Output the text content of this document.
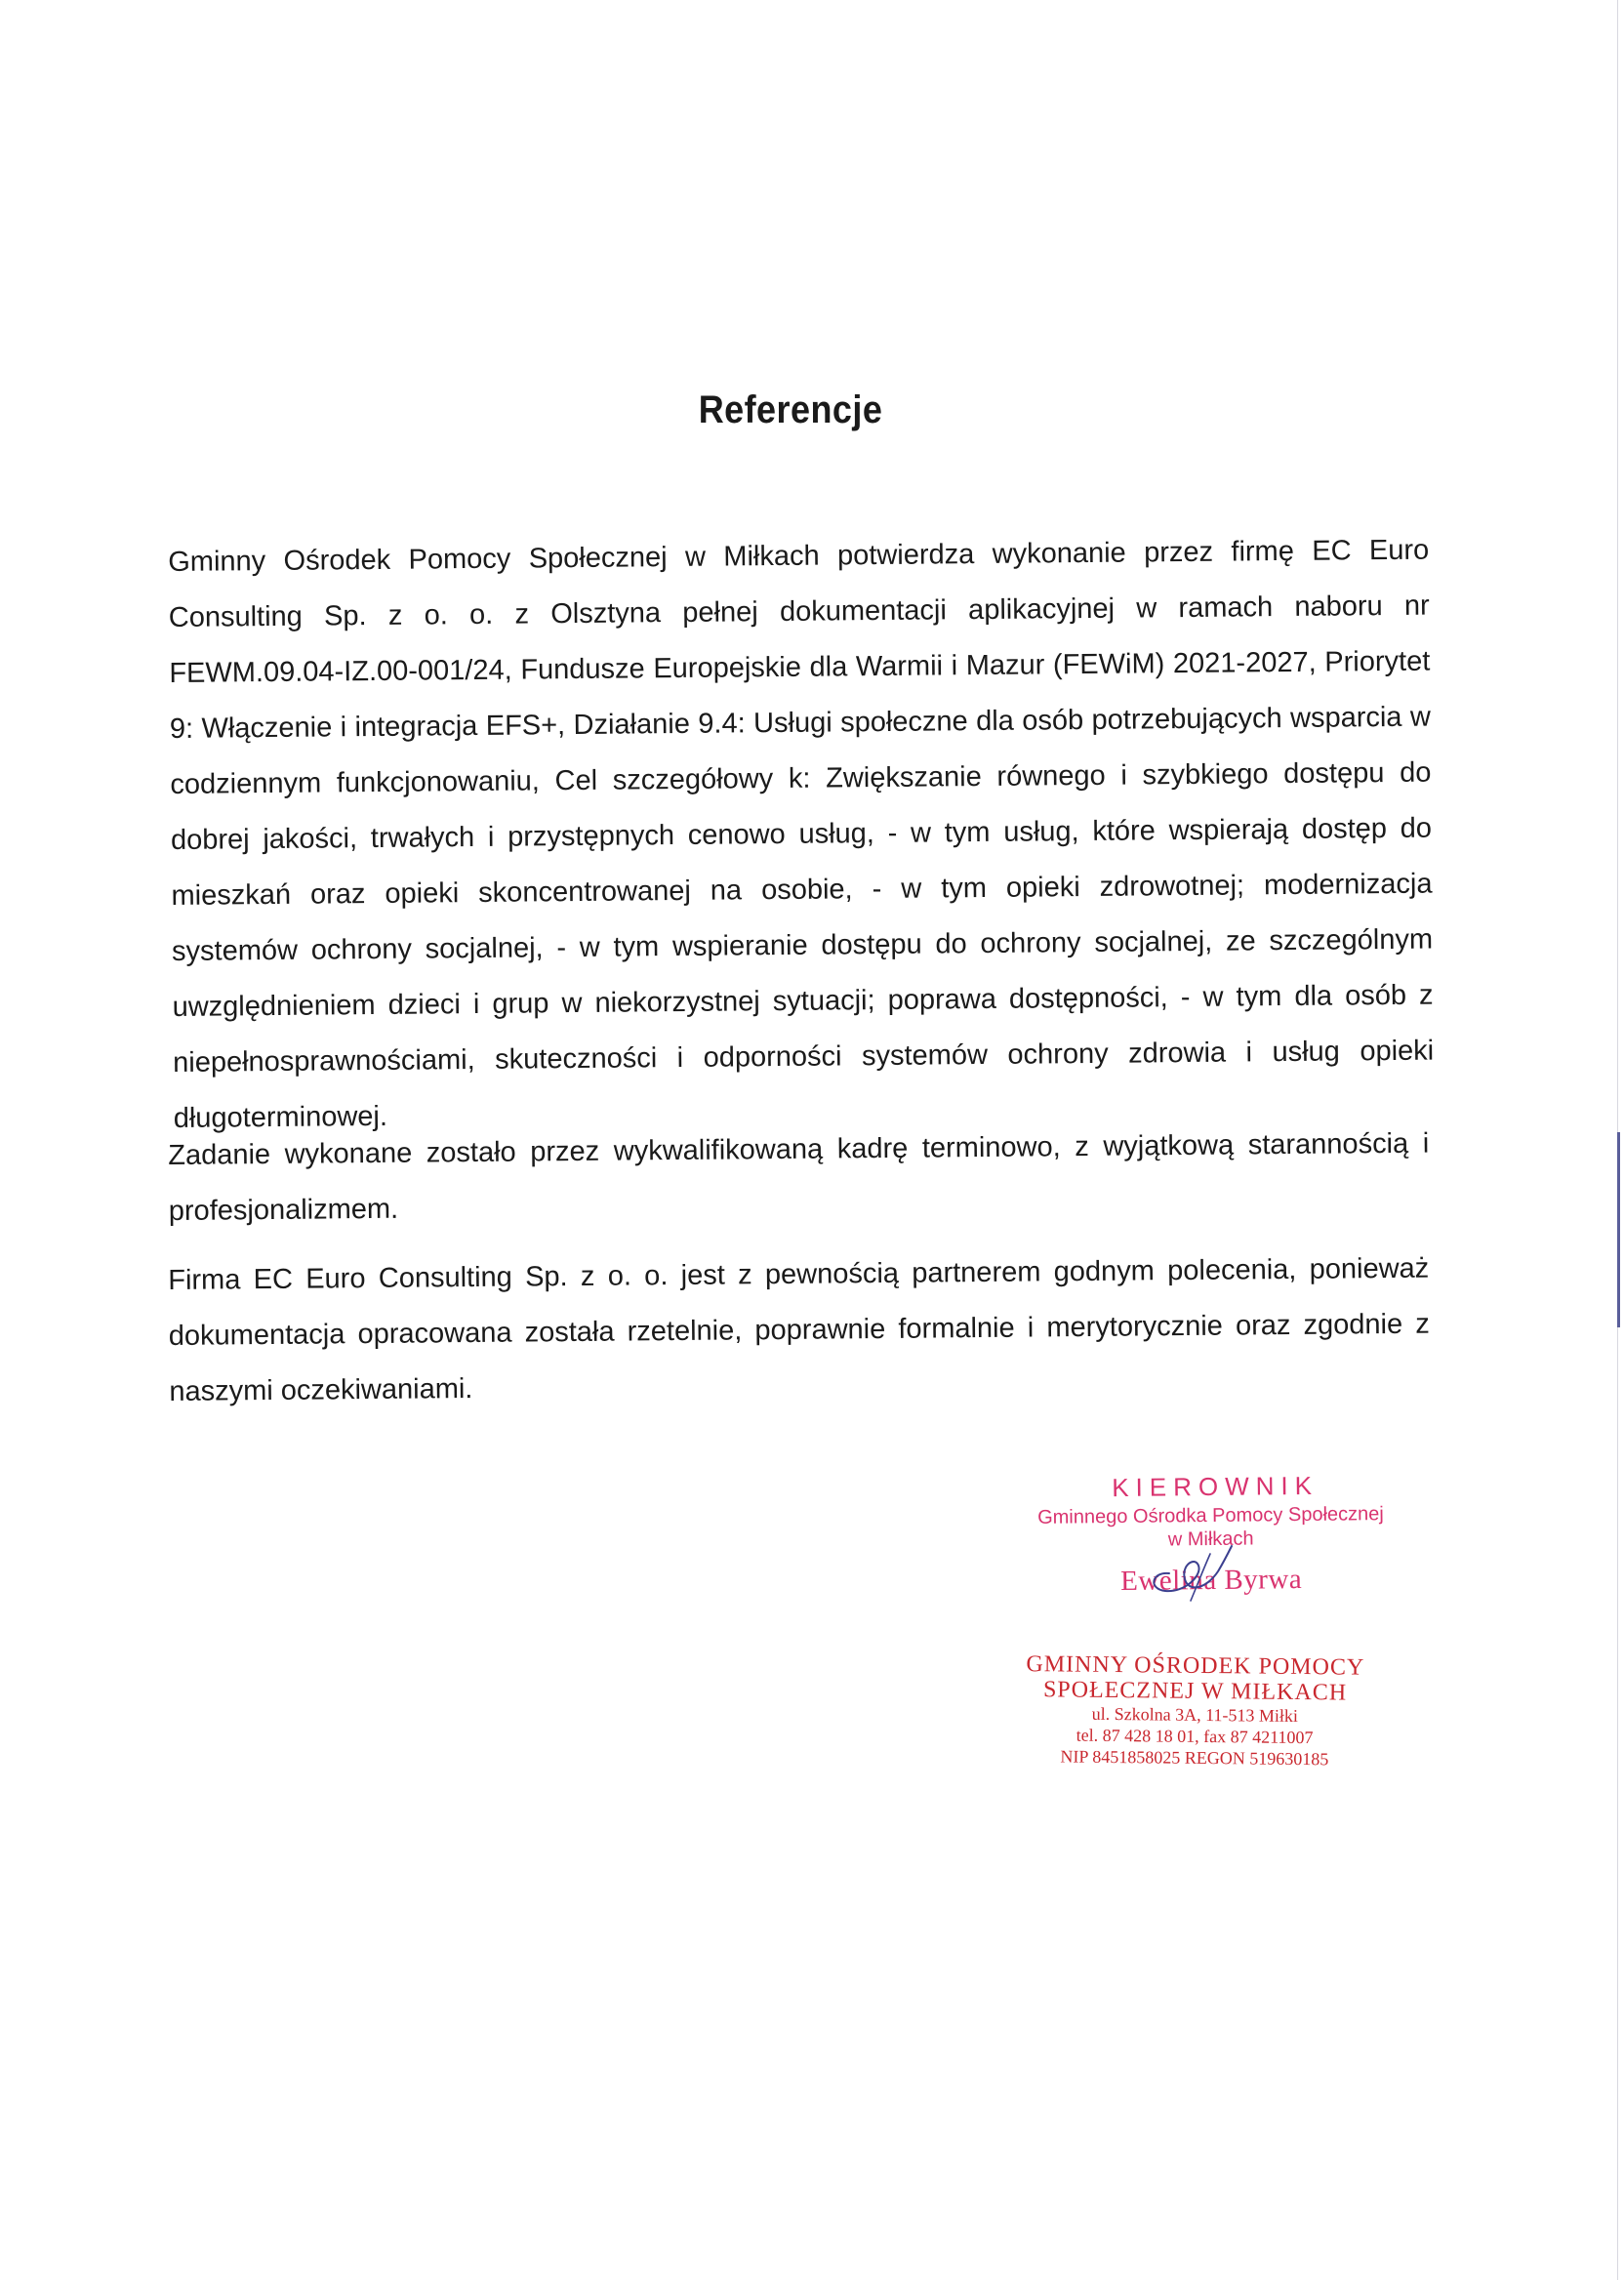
Referencje

Gminny Ośrodek Pomocy Społecznej w Miłkach potwierdza wykonanie przez firmę EC Euro Consulting Sp. z o. o. z Olsztyna pełnej dokumentacji aplikacyjnej w ramach naboru nr FEWM.09.04-IZ.00-001/24, Fundusze Europejskie dla Warmii i Mazur (FEWiM) 2021-2027, Priorytet 9: Włączenie i integracja EFS+, Działanie 9.4: Usługi społeczne dla osób potrzebujących wsparcia w codziennym funkcjonowaniu, Cel szczegółowy k: Zwiększanie równego i szybkiego dostępu do dobrej jakości, trwałych i przystępnych cenowo usług, - w tym usług, które wspierają dostęp do mieszkań oraz opieki skoncentrowanej na osobie, - w tym opieki zdrowotnej; modernizacja systemów ochrony socjalnej, - w tym wspieranie dostępu do ochrony socjalnej, ze szczególnym uwzględnieniem dzieci i grup w niekorzystnej sytuacji; poprawa dostępności, - w tym dla osób z niepełnosprawnościami, skuteczności i odporności systemów ochrony zdrowia i usług opieki długoterminowej.

Zadanie wykonane zostało przez wykwalifikowaną kadrę terminowo, z wyjątkową starannością i profesjonalizmem.

Firma EC Euro Consulting Sp. z o. o. jest z pewnością partnerem godnym polecenia, ponieważ dokumentacja opracowana została rzetelnie, poprawnie formalnie i merytorycznie oraz zgodnie z naszymi oczekiwaniami.

KIEROWNIK
Gminnego Ośrodka Pomocy Społecznej
w Miłkach
Ewelina Byrwa
GMINNY OŚRODEK POMOCY
SPOŁECZNEJ W MIŁKACH
ul. Szkolna 3A, 11-513 Miłki
tel. 87 428 18 01, fax 87 4211007
NIP 8451858025 REGON 519630185
